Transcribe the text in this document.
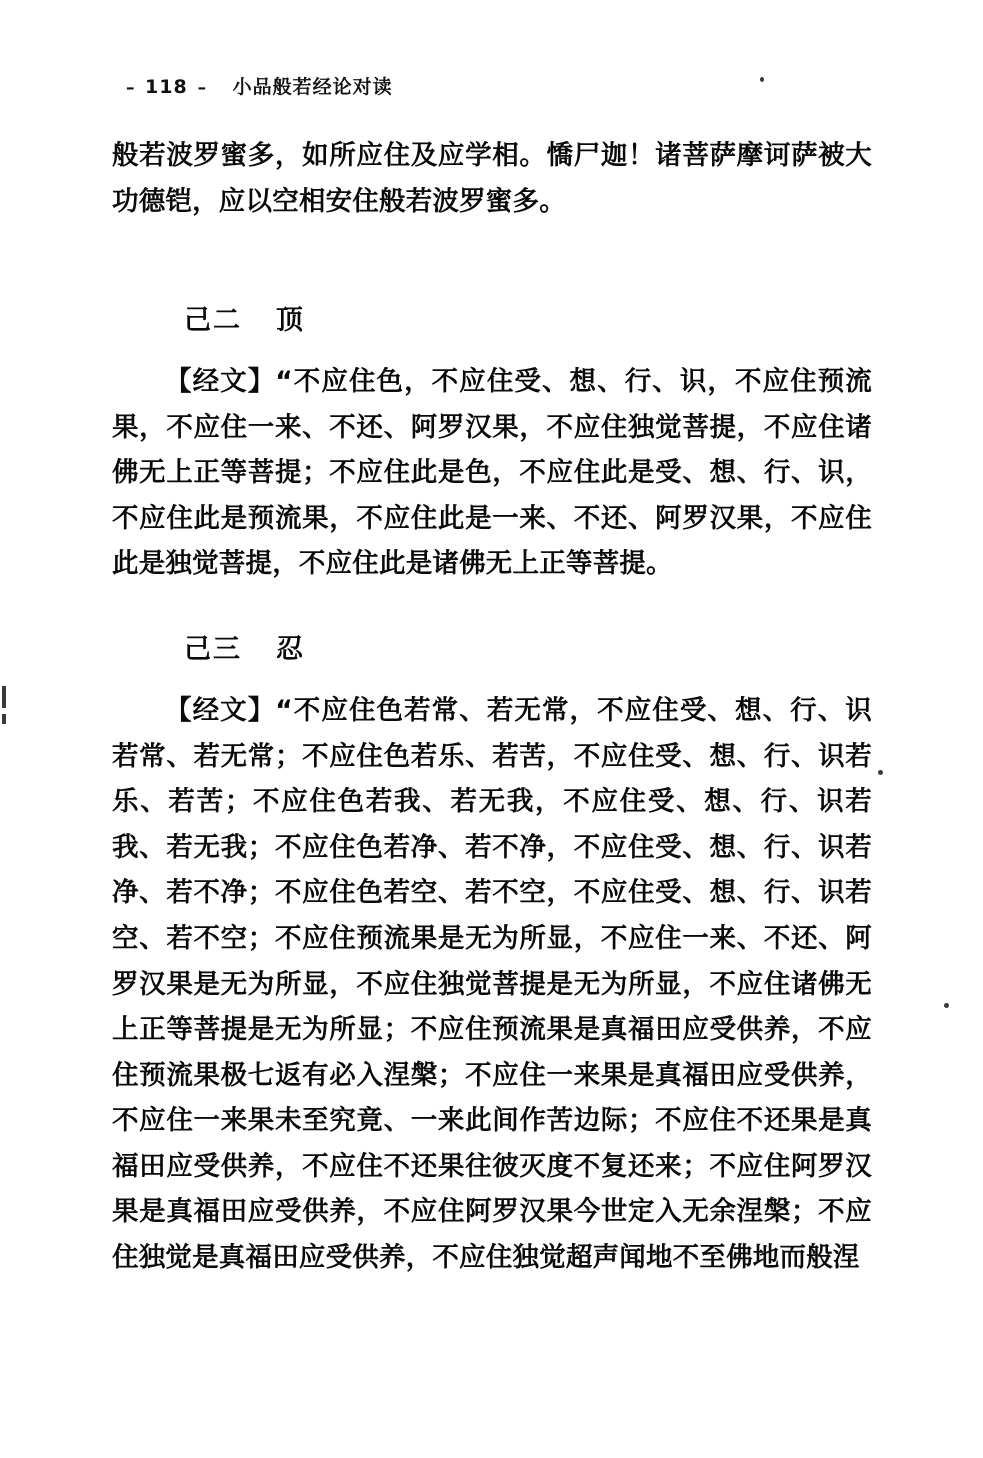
– 118 – 小品般若经论对读

般若波罗蜜多，如所应住及应学相。憍尸迦！诸菩萨摩诃萨被大功德铠，应以空相安住般若波罗蜜多。

己二 顶

【经文】“不应住色，不应住受、想、行、识，不应住预流果，不应住一来、不还、阿罗汉果，不应住独觉菩提，不应住诸佛无上正等菩提；不应住此是色，不应住此是受、想、行、识，不应住此是预流果，不应住此是一来、不还、阿罗汉果，不应住此是独觉菩提，不应住此是诸佛无上正等菩提。

己三 忍

【经文】“不应住色若常、若无常，不应住受、想、行、识若常、若无常；不应住色若乐、若苦，不应住受、想、行、识若乐、若苦；不应住色若我、若无我，不应住受、想、行、识若我、若无我；不应住色若净、若不净，不应住受、想、行、识若净、若不净；不应住色若空、若不空，不应住受、想、行、识若空、若不空；不应住预流果是无为所显，不应住一来、不还、阿罗汉果是无为所显，不应住独觉菩提是无为所显，不应住诸佛无上正等菩提是无为所显；不应住预流果是真福田应受供养，不应住预流果极七返有必入涅槃；不应住一来果是真福田应受供养，不应住一来果未至究竟、一来此间作苦边际；不应住不还果是真福田应受供养，不应住不还果往彼灭度不复还来；不应住阿罗汉果是真福田应受供养，不应住阿罗汉果今世定入无余涅槃；不应住独觉是真福田应受供养，不应住独觉超声闻地不至佛地而般涅
